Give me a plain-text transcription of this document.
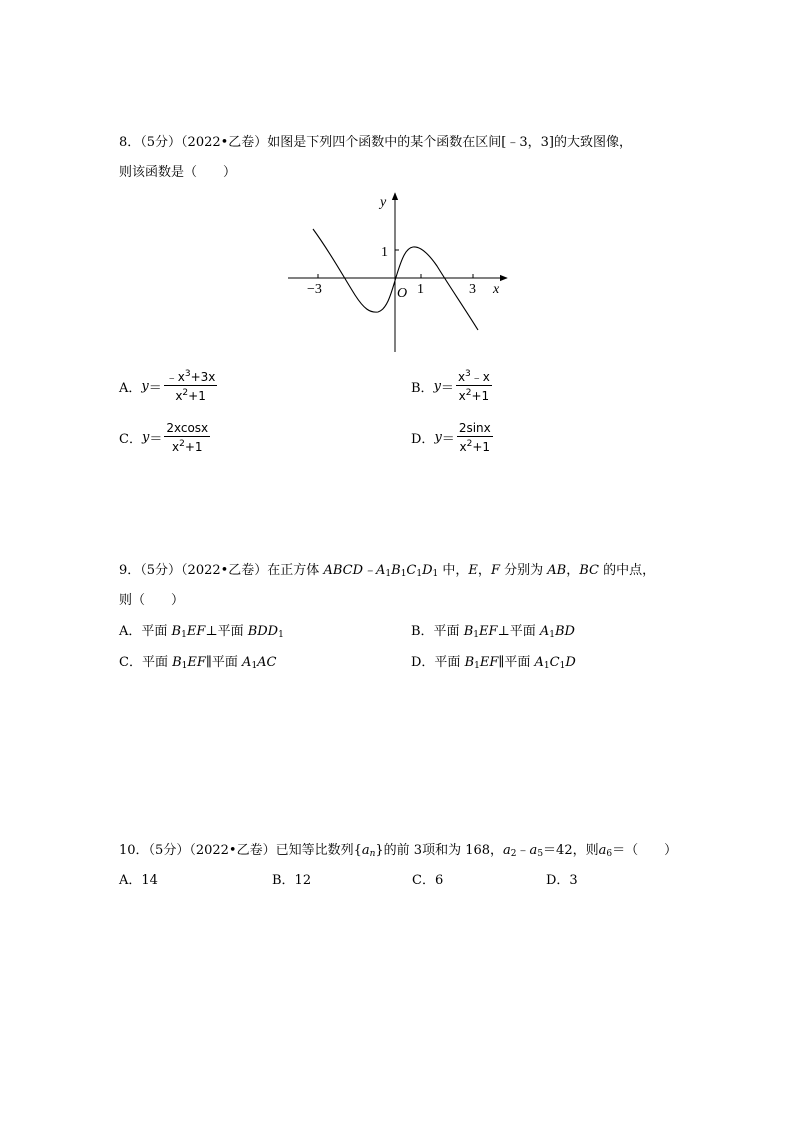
8．（5分）（2022•乙卷）如图是下列四个函数中的某个函数在区间[﹣3，3]的大致图像，
则该函数是（　　）
y
x
O
−3	1	3
1
A． $y = \frac{﹣x^3+3x}{x^2+1}$	B． $y = \frac{x^3﹣x}{x^2+1}$
C． $y = \frac{2xcosx}{x^2+1}$	D． $y = \frac{2\sin x}{x^2+1}$
9．（5分）（2022•乙卷）在正方体 $ABCD﹣A_1B_1C_1D_1$ 中，E，F 分别为 AB，BC 的中点，
则（　　）
A．平面 $B_1EF\perp$平面 $BDD_1$	B．平面 $B_1EF\perp$平面 $A_1BD$
C．平面 $B_1EF\parallel$平面 $A_1AC$	D．平面 $B_1EF\parallel$平面 $A_1C_1D$
10．（5分）（2022•乙卷）已知等比数列$\{a_n\}$的前 3项和为 168，$a_2﹣a_5=42$，则$a_6=$（　　）
A．14	B．12	C．6	D．3
